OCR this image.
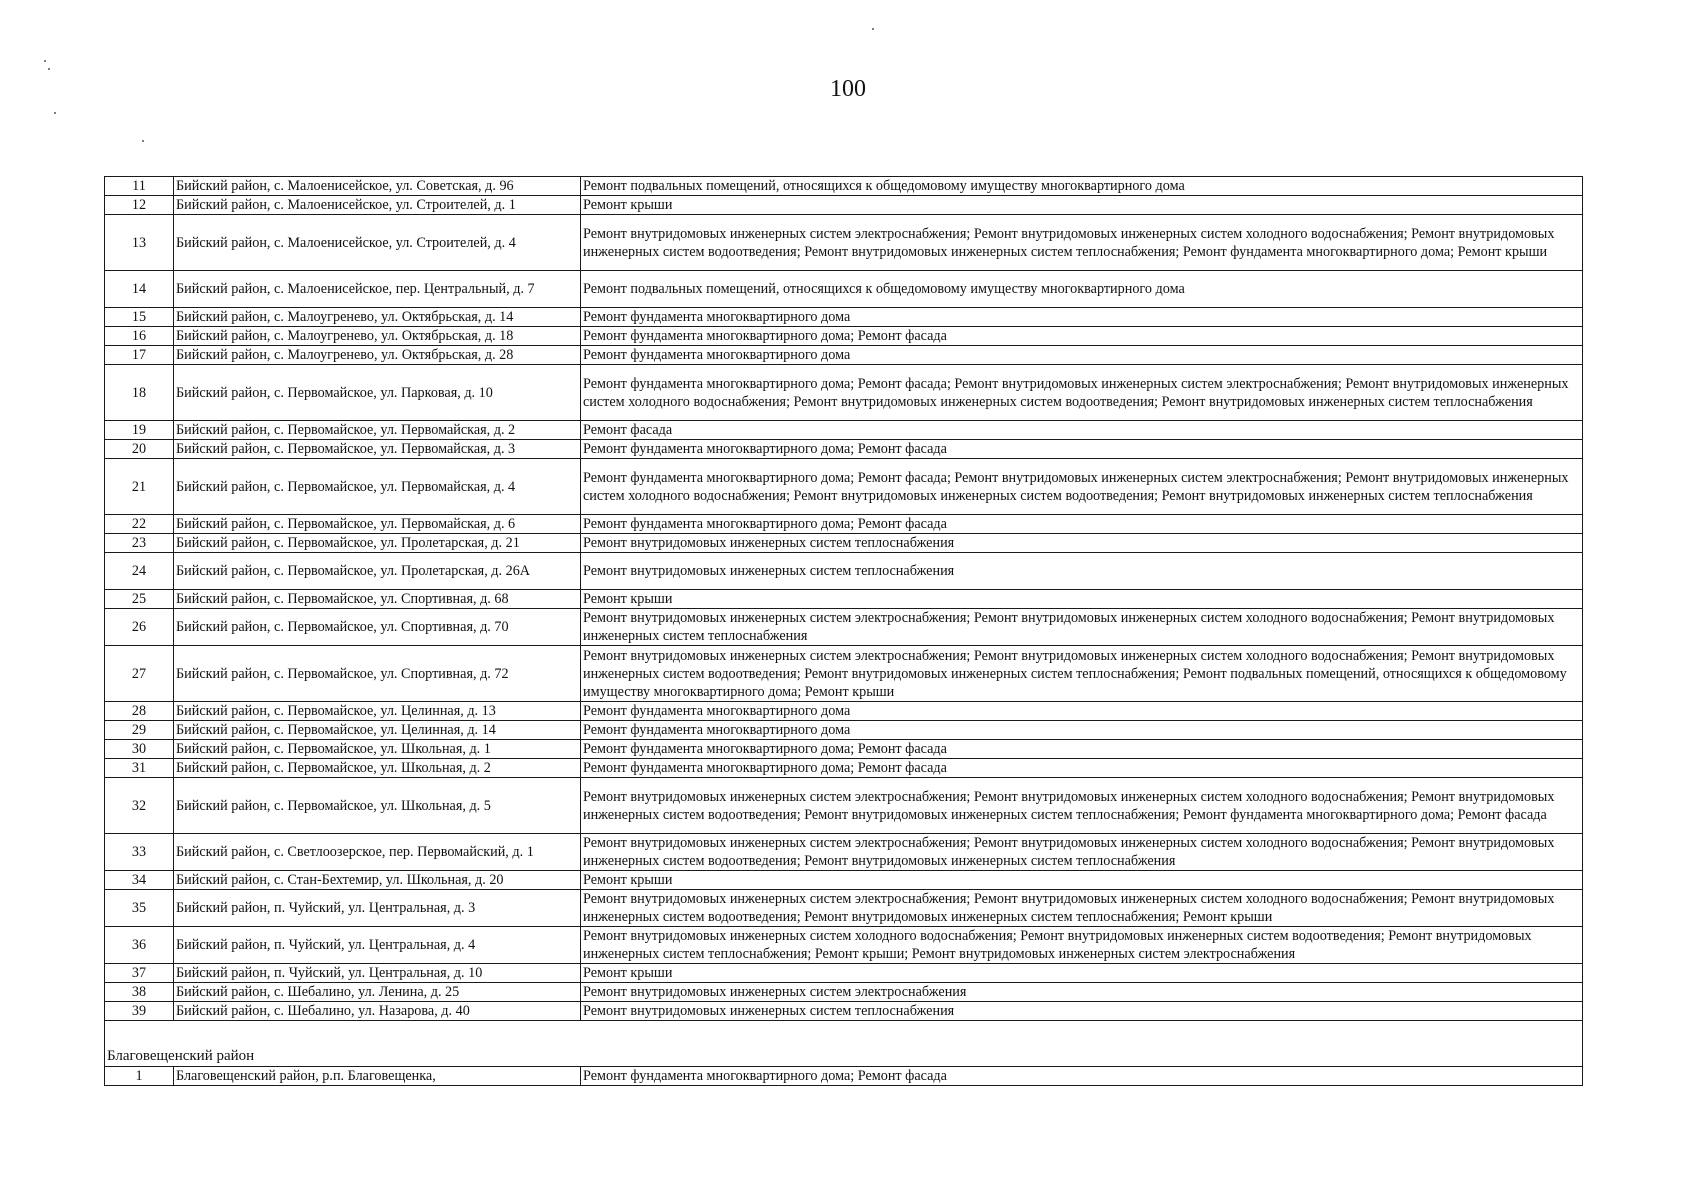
100
11	Бийский район, с. Малоенисейское, ул. Советская, д. 96	Ремонт подвальных помещений, относящихся к общедомовому имуществу многоквартирного дома
12	Бийский район, с. Малоенисейское, ул. Строителей, д. 1	Ремонт крыши
13	Бийский район, с. Малоенисейское, ул. Строителей, д. 4	Ремонт внутридомовых инженерных систем электроснабжения; Ремонт внутридомовых инженерных систем холодного водоснабжения; Ремонт внутридомовых инженерных систем водоотведения; Ремонт внутридомовых инженерных систем теплоснабжения; Ремонт фундамента многоквартирного дома; Ремонт крыши
14	Бийский район, с. Малоенисейское, пер. Центральный, д. 7	Ремонт подвальных помещений, относящихся к общедомовому имуществу многоквартирного дома
15	Бийский район, с. Малоугренево, ул. Октябрьская, д. 14	Ремонт фундамента многоквартирного дома
16	Бийский район, с. Малоугренево, ул. Октябрьская, д. 18	Ремонт фундамента многоквартирного дома; Ремонт фасада
17	Бийский район, с. Малоугренево, ул. Октябрьская, д. 28	Ремонт фундамента многоквартирного дома
18	Бийский район, с. Первомайское, ул. Парковая, д. 10	Ремонт фундамента многоквартирного дома; Ремонт фасада; Ремонт внутридомовых инженерных систем электроснабжения; Ремонт внутридомовых инженерных систем холодного водоснабжения; Ремонт внутридомовых инженерных систем водоотведения; Ремонт внутридомовых инженерных систем теплоснабжения
19	Бийский район, с. Первомайское, ул. Первомайская, д. 2	Ремонт фасада
20	Бийский район, с. Первомайское, ул. Первомайская, д. 3	Ремонт фундамента многоквартирного дома; Ремонт фасада
21	Бийский район, с. Первомайское, ул. Первомайская, д. 4	Ремонт фундамента многоквартирного дома; Ремонт фасада; Ремонт внутридомовых инженерных систем электроснабжения; Ремонт внутридомовых инженерных систем холодного водоснабжения; Ремонт внутридомовых инженерных систем водоотведения; Ремонт внутридомовых инженерных систем теплоснабжения
22	Бийский район, с. Первомайское, ул. Первомайская, д. 6	Ремонт фундамента многоквартирного дома; Ремонт фасада
23	Бийский район, с. Первомайское, ул. Пролетарская, д. 21	Ремонт внутридомовых инженерных систем теплоснабжения
24	Бийский район, с. Первомайское, ул. Пролетарская, д. 26А	Ремонт внутридомовых инженерных систем теплоснабжения
25	Бийский район, с. Первомайское, ул. Спортивная, д. 68	Ремонт крыши
26	Бийский район, с. Первомайское, ул. Спортивная, д. 70	Ремонт внутридомовых инженерных систем электроснабжения; Ремонт внутридомовых инженерных систем холодного водоснабжения; Ремонт внутридомовых инженерных систем теплоснабжения
27	Бийский район, с. Первомайское, ул. Спортивная, д. 72	Ремонт внутридомовых инженерных систем электроснабжения; Ремонт внутридомовых инженерных систем холодного водоснабжения; Ремонт внутридомовых инженерных систем водоотведения; Ремонт внутридомовых инженерных систем теплоснабжения; Ремонт подвальных помещений, относящихся к общедомовому имуществу многоквартирного дома; Ремонт крыши
28	Бийский район, с. Первомайское, ул. Целинная, д. 13	Ремонт фундамента многоквартирного дома
29	Бийский район, с. Первомайское, ул. Целинная, д. 14	Ремонт фундамента многоквартирного дома
30	Бийский район, с. Первомайское, ул. Школьная, д. 1	Ремонт фундамента многоквартирного дома; Ремонт фасада
31	Бийский район, с. Первомайское, ул. Школьная, д. 2	Ремонт фундамента многоквартирного дома; Ремонт фасада
32	Бийский район, с. Первомайское, ул. Школьная, д. 5	Ремонт внутридомовых инженерных систем электроснабжения; Ремонт внутридомовых инженерных систем холодного водоснабжения; Ремонт внутридомовых инженерных систем водоотведения; Ремонт внутридомовых инженерных систем теплоснабжения; Ремонт фундамента многоквартирного дома; Ремонт фасада
33	Бийский район, с. Светлоозерское, пер. Первомайский, д. 1	Ремонт внутридомовых инженерных систем электроснабжения; Ремонт внутридомовых инженерных систем холодного водоснабжения; Ремонт внутридомовых инженерных систем водоотведения; Ремонт внутридомовых инженерных систем теплоснабжения
34	Бийский район, с. Стан-Бехтемир, ул. Школьная, д. 20	Ремонт крыши
35	Бийский район, п. Чуйский, ул. Центральная, д. 3	Ремонт внутридомовых инженерных систем электроснабжения; Ремонт внутридомовых инженерных систем холодного водоснабжения; Ремонт внутридомовых инженерных систем водоотведения; Ремонт внутридомовых инженерных систем теплоснабжения; Ремонт крыши
36	Бийский район, п. Чуйский, ул. Центральная, д. 4	Ремонт внутридомовых инженерных систем холодного водоснабжения; Ремонт внутридомовых инженерных систем водоотведения; Ремонт внутридомовых инженерных систем теплоснабжения; Ремонт крыши; Ремонт внутридомовых инженерных систем электроснабжения
37	Бийский район, п. Чуйский, ул. Центральная, д. 10	Ремонт крыши
38	Бийский район, с. Шебалино, ул. Ленина, д. 25	Ремонт внутридомовых инженерных систем электроснабжения
39	Бийский район, с. Шебалино, ул. Назарова, д. 40	Ремонт внутридомовых инженерных систем теплоснабжения
Благовещенский район		
1	Благовещенский район, р.п. Благовещенка,	Ремонт фундамента многоквартирного дома; Ремонт фасада
